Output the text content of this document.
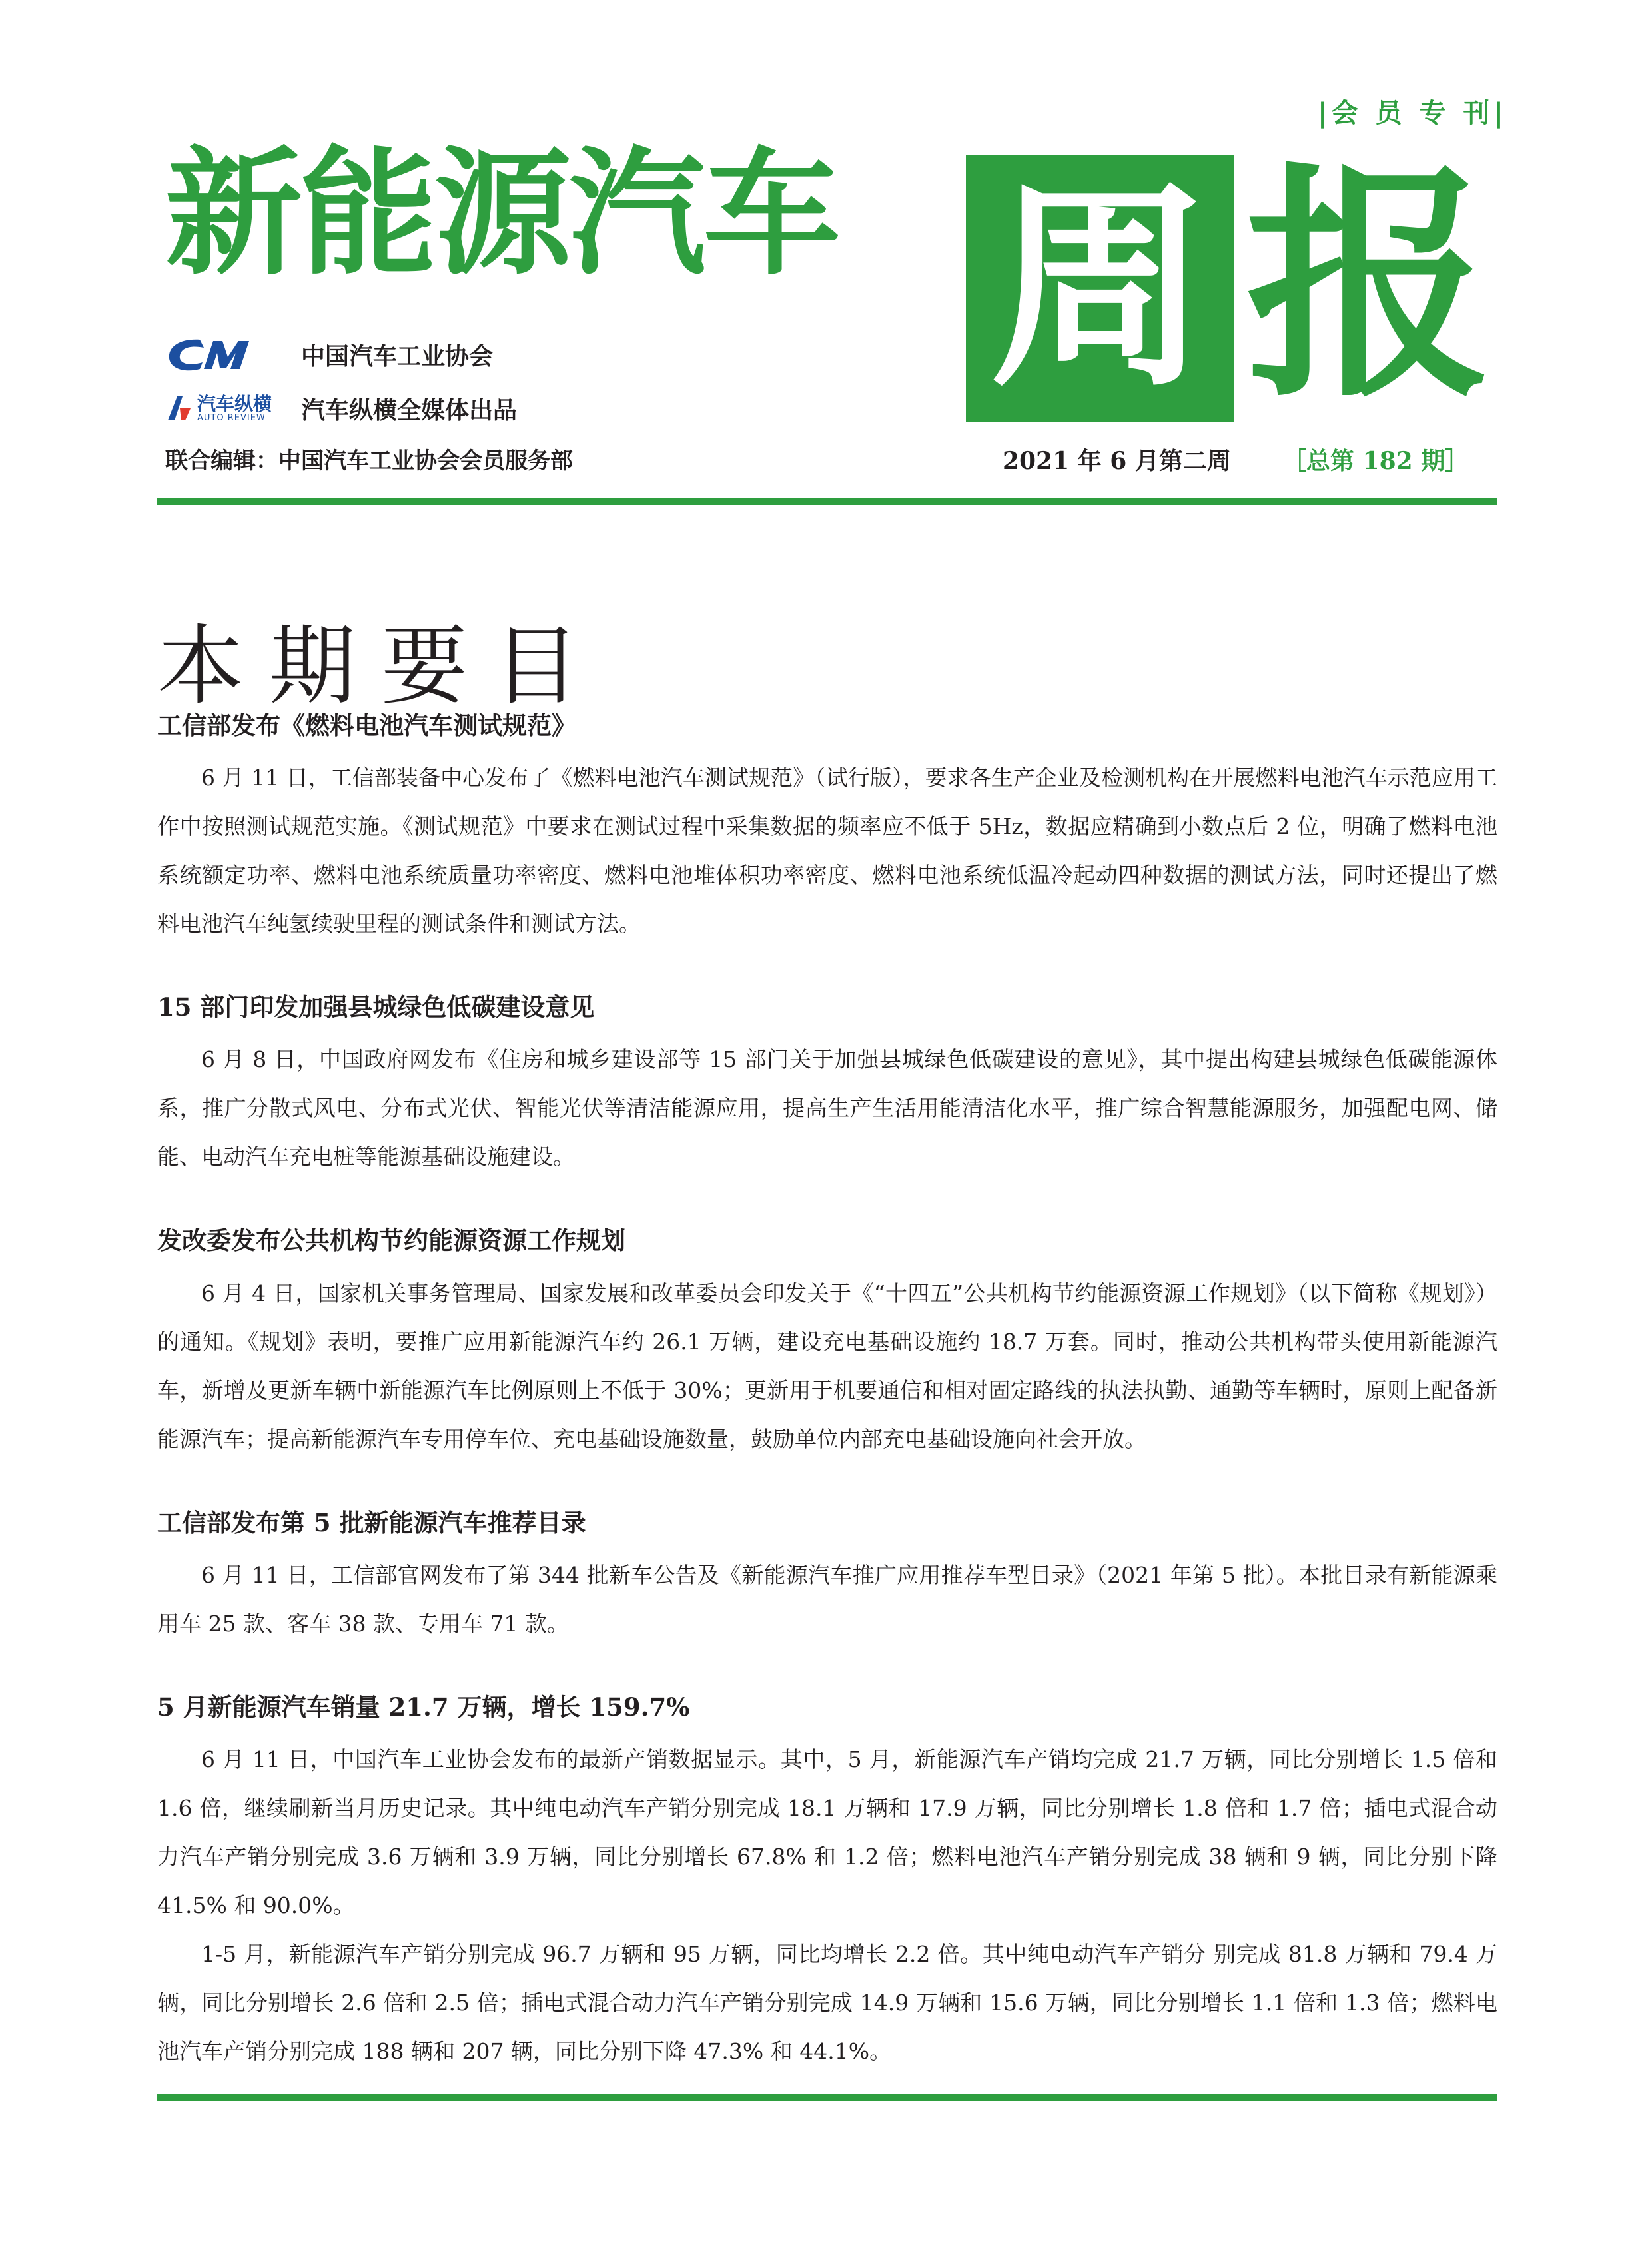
|会 员 专 刊|
新能源汽车 周 报
中国汽车工业协会
汽车纵横
AUTO REVIEW 汽车纵横全媒体出品
联合编辑：中国汽车工业协会会员服务部	2021 年 6 月第二周 ［总第 182 期］
本期要目
工信部发布《燃料电池汽车测试规范》

6 月 11 日，工信部装备中心发布了《燃料电池汽车测试规范》（试行版），要求各生产企业及检测机构在开展燃料电池汽车示范应用工作中按照测试规范实施。《测试规范》中要求在测试过程中采集数据的频率应不低于 5Hz，数据应精确到小数点后 2 位，明确了燃料电池系统额定功率、燃料电池系统质量功率密度、燃料电池堆体积功率密度、燃料电池系统低温冷起动四种数据的测试方法，同时还提出了燃料电池汽车纯氢续驶里程的测试条件和测试方法。

15 部门印发加强县城绿色低碳建设意见

6 月 8 日，中国政府网发布《住房和城乡建设部等 15 部门关于加强县城绿色低碳建设的意见》，其中提出构建县城绿色低碳能源体系，推广分散式风电、分布式光伏、智能光伏等清洁能源应用，提高生产生活用能清洁化水平，推广综合智慧能源服务，加强配电网、储能、电动汽车充电桩等能源基础设施建设。

发改委发布公共机构节约能源资源工作规划

6 月 4 日，国家机关事务管理局、国家发展和改革委员会印发关于《“十四五”公共机构节约能源资源工作规划》（以下简称《规划》）的通知。《规划》表明，要推广应用新能源汽车约 26.1 万辆，建设充电基础设施约 18.7 万套。同时，推动公共机构带头使用新能源汽车，新增及更新车辆中新能源汽车比例原则上不低于 30%；更新用于机要通信和相对固定路线的执法执勤、通勤等车辆时，原则上配备新能源汽车；提高新能源汽车专用停车位、充电基础设施数量，鼓励单位内部充电基础设施向社会开放。

工信部发布第 5 批新能源汽车推荐目录

6 月 11 日，工信部官网发布了第 344 批新车公告及《新能源汽车推广应用推荐车型目录》（2021 年第 5 批）。本批目录有新能源乘用车 25 款、客车 38 款、专用车 71 款。

5 月新能源汽车销量 21.7 万辆，增长 159.7%

6 月 11 日，中国汽车工业协会发布的最新产销数据显示。其中，5 月，新能源汽车产销均完成 21.7 万辆，同比分别增长 1.5 倍和 1.6 倍，继续刷新当月历史记录。其中纯电动汽车产销分别完成 18.1 万辆和 17.9 万辆，同比分别增长 1.8 倍和 1.7 倍；插电式混合动 力汽车产销分别完成 3.6 万辆和 3.9 万辆，同比分别增长 67.8% 和 1.2 倍；燃料电池汽车产销分别完成 38 辆和 9 辆，同比分别下降 41.5% 和 90.0%。

1-5 月，新能源汽车产销分别完成 96.7 万辆和 95 万辆，同比均增长 2.2 倍。其中纯电动汽车产销分 别完成 81.8 万辆和 79.4 万辆，同比分别增长 2.6 倍和 2.5 倍；插电式混合动力汽车产销分别完成 14.9 万辆和 15.6 万辆，同比分别增长 1.1 倍和 1.3 倍；燃料电池汽车产销分别完成 188 辆和 207 辆，同比分别下降 47.3% 和 44.1%。
